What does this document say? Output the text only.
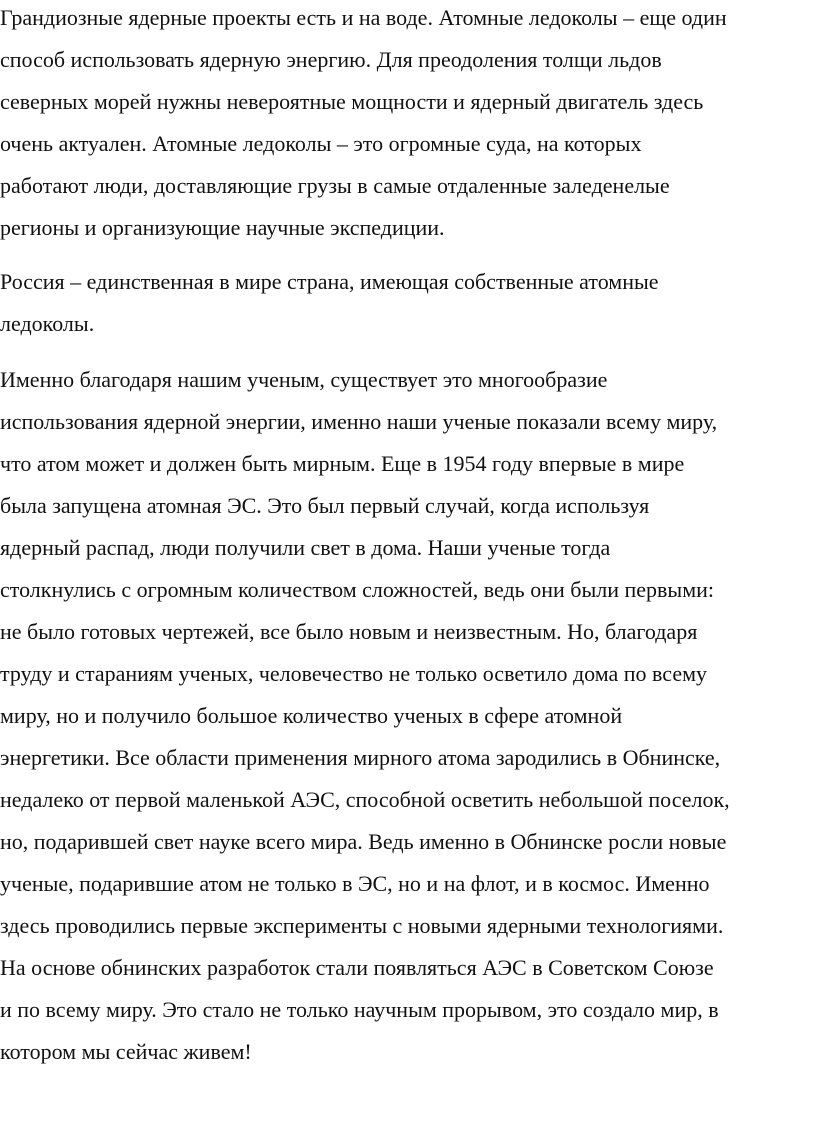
Грандиозные ядерные проекты есть и на воде. Атомные ледоколы – еще один
способ использовать ядерную энергию. Для преодоления толщи льдов
северных морей нужны невероятные мощности и ядерный двигатель здесь
очень актуален. Атомные ледоколы – это огромные суда, на которых
работают люди, доставляющие грузы в самые отдаленные заледенелые
регионы и организующие научные экспедиции.
Россия – единственная в мире страна, имеющая собственные атомные
ледоколы.
Именно благодаря нашим ученым, существует это многообразие
использования ядерной энергии, именно наши ученые показали всему миру,
что атом может и должен быть мирным. Еще в 1954 году впервые в мире
была запущена атомная ЭС. Это был первый случай, когда используя
ядерный распад, люди получили свет в дома. Наши ученые тогда
столкнулись с огромным количеством сложностей, ведь они были первыми:
не было готовых чертежей, все было новым и неизвестным. Но, благодаря
труду и стараниям ученых, человечество не только осветило дома по всему
миру, но и получило большое количество ученых в сфере атомной
энергетики. Все области применения мирного атома зародились в Обнинске,
недалеко от первой маленькой АЭС, способной осветить небольшой поселок,
но, подарившей свет науке всего мира. Ведь именно в Обнинске росли новые
ученые, подарившие атом не только в ЭС, но и на флот, и в космос. Именно
здесь проводились первые эксперименты с новыми ядерными технологиями.
На основе обнинских разработок стали появляться АЭС в Советском Союзе
и по всему миру. Это стало не только научным прорывом, это создало мир, в
котором мы сейчас живем!
